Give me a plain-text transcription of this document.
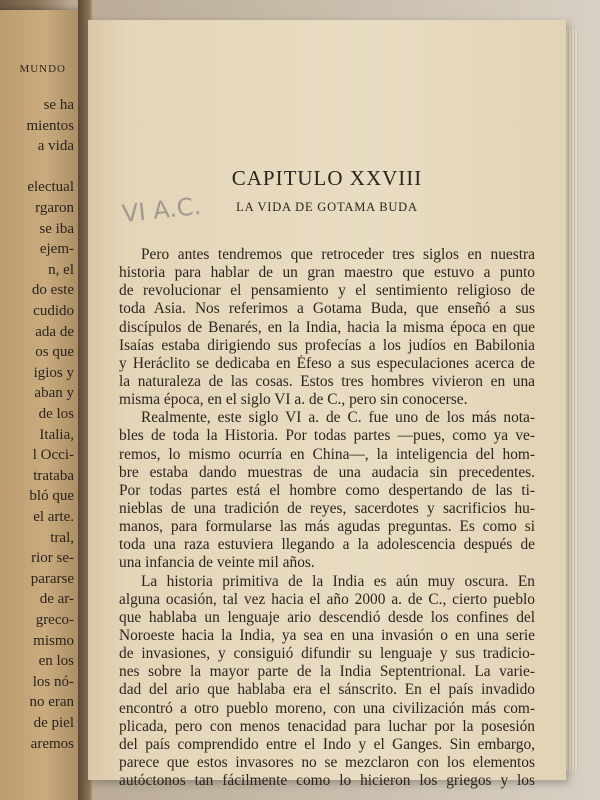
MUNDO
se ha
mientos
a vida
electual
rgaron
se iba
ejem-
n, el
do este
cudido
ada de
os que
igios y
aban y
de los
Italia,
l Occi-
trataba
bló que
el arte.
tral,
rior se-
pararse
de ar-
greco-
mismo
en los
los nó-
no eran
de piel
aremos
CAPITULO XXVIII
VI A.C.	LA VIDA DE GOTAMA BUDA
Pero antes tendremos que retroceder tres siglos en nuestra
historia para hablar de un gran maestro que estuvo a punto
de revolucionar el pensamiento y el sentimiento religioso de
toda Asia. Nos referimos a Gotama Buda, que enseñó a sus
discípulos de Benarés, en la India, hacia la misma época en que
Isaías estaba dirigiendo sus profecías a los judíos en Babilonia
y Heráclito se dedicaba en Éfeso a sus especulaciones acerca de
la naturaleza de las cosas. Estos tres hombres vivieron en una
misma época, en el siglo VI a. de C., pero sin conocerse.
Realmente, este siglo VI a. de C. fue uno de los más nota-
bles de toda la Historia. Por todas partes —pues, como ya ve-
remos, lo mismo ocurría en China—, la inteligencia del hom-
bre estaba dando muestras de una audacia sin precedentes.
Por todas partes está el hombre como despertando de las ti-
nieblas de una tradición de reyes, sacerdotes y sacrificios hu-
manos, para formularse las más agudas preguntas. Es como si
toda una raza estuviera llegando a la adolescencia después de
una infancia de veinte mil años.
La historia primitiva de la India es aún muy oscura. En
alguna ocasión, tal vez hacia el año 2000 a. de C., cierto pueblo
que hablaba un lenguaje ario descendió desde los confines del
Noroeste hacia la India, ya sea en una invasión o en una serie
de invasiones, y consiguió difundir su lenguaje y sus tradicio-
nes sobre la mayor parte de la India Septentrional. La varie-
dad del ario que hablaba era el sánscrito. En el país invadido
encontró a otro pueblo moreno, con una civilización más com-
plicada, pero con menos tenacidad para luchar por la posesión
del país comprendido entre el Indo y el Ganges. Sin embargo,
parece que estos invasores no se mezclaron con los elementos
autóctonos tan fácilmente como lo hicieron los griegos y los
